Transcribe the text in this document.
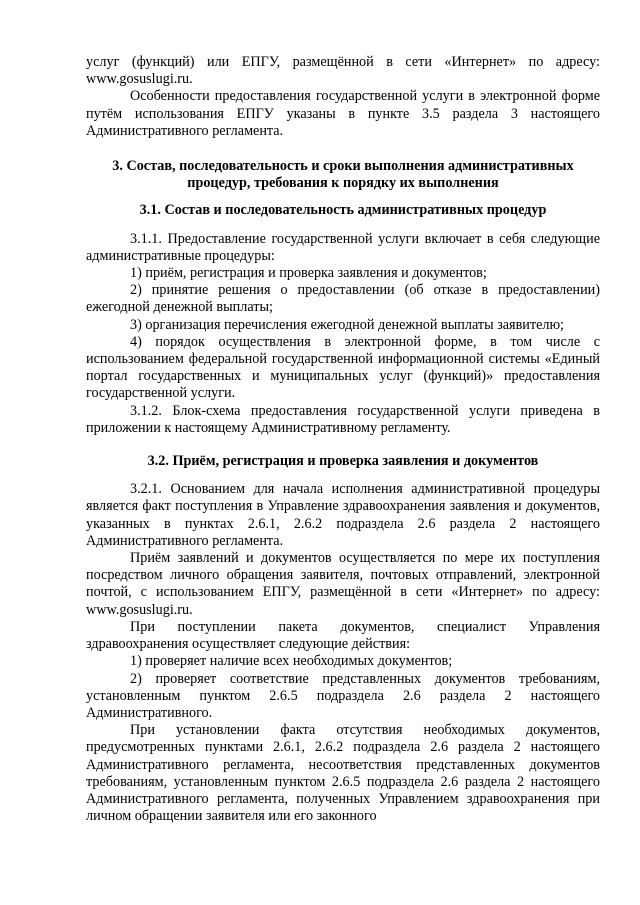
услуг (функций) или ЕПГУ, размещённой в сети «Интернет» по адресу: www.gosuslugi.ru.

Особенности предоставления государственной услуги в электронной форме путём использования ЕПГУ указаны в пункте 3.5 раздела 3 настоящего Административного регламента.

3. Состав, последовательность и сроки выполнения административных процедур, требования к порядку их выполнения

3.1. Состав и последовательность административных процедур

3.1.1. Предоставление государственной услуги включает в себя следующие административные процедуры:

1) приём, регистрация и проверка заявления и документов;

2) принятие решения о предоставлении (об отказе в предоставлении) ежегодной денежной выплаты;

3) организация перечисления ежегодной денежной выплаты заявителю;

4) порядок осуществления в электронной форме, в том числе с использованием федеральной государственной информационной системы «Единый портал государственных и муниципальных услуг (функций)» предоставления государственной услуги.

3.1.2. Блок-схема предоставления государственной услуги приведена в приложении к настоящему Административному регламенту.

3.2. Приём, регистрация и проверка заявления и документов

3.2.1. Основанием для начала исполнения административной процедуры является факт поступления в Управление здравоохранения заявления и документов, указанных в пунктах 2.6.1, 2.6.2 подраздела 2.6 раздела 2 настоящего Административного регламента.

Приём заявлений и документов осуществляется по мере их поступления посредством личного обращения заявителя, почтовых отправлений, электронной почтой, с использованием ЕПГУ, размещённой в сети «Интернет» по адресу: www.gosuslugi.ru.

При поступлении пакета документов, специалист Управления здравоохранения осуществляет следующие действия:

1) проверяет наличие всех необходимых документов;

2) проверяет соответствие представленных документов требованиям, установленным пунктом 2.6.5 подраздела 2.6 раздела 2 настоящего Административного.

При установлении факта отсутствия необходимых документов, предусмотренных пунктами 2.6.1, 2.6.2 подраздела 2.6 раздела 2 настоящего Административного регламента, несоответствия представленных документов требованиям, установленным пунктом 2.6.5 подраздела 2.6 раздела 2 настоящего Административного регламента, полученных Управлением здравоохранения при личном обращении заявителя или его законного
